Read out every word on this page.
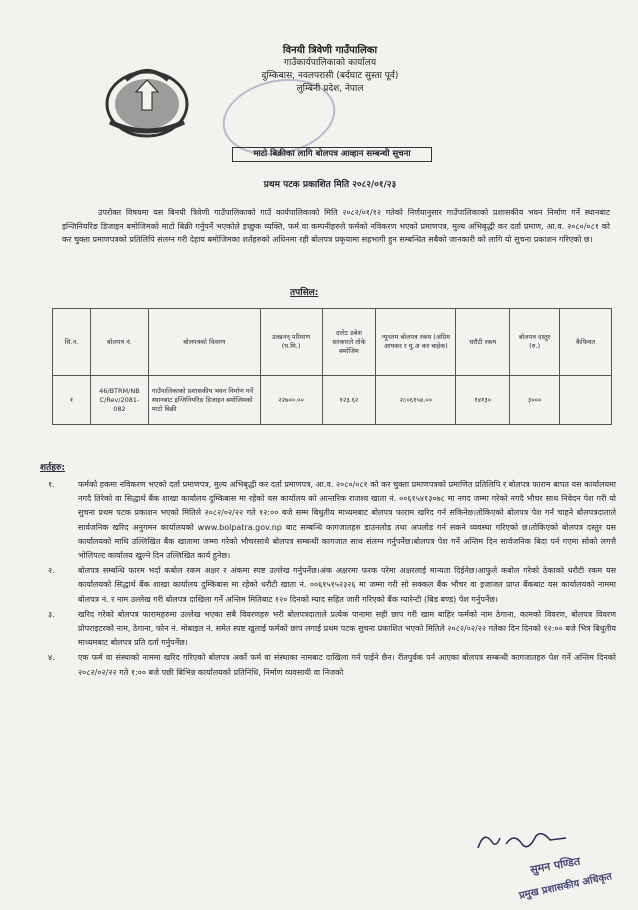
विनयी त्रिवेणी गाउँपालिका
गाउँकार्यपालिकाको कार्यालय
दुम्किबास, नवलपरासी (बर्दघाट सुस्ता पूर्व)
लुम्बिनी प्रदेश, नेपाल
माटो बिक्रीका लागि बोलपत्र आव्हान सम्बन्धी सूचना
प्रथम पटक प्रकाशित मिति २०८२/०१/२३

उपरोक्त विषयमा यस बिनयी त्रिवेणी गाउँपालिकाको गाउँ कार्यपालिकाको मिति २०८२/०१/१२ गतेको निर्णयानुसार गाउँपालिकाको प्रशासकीय भवन निर्माण गर्ने स्थानबाट इन्जिनियरिङ डिजाइन बमोजिमको माटो बिक्री गर्नुपर्ने भएकोले इच्छुक व्यक्ति, फर्म वा कम्पनीहरुले फर्मको नविकरण भएको प्रमाणपत्र, मुल्य अभिबृद्धी कर दर्ता प्रमाण, आ.व. २०८०/०८१ को कर चुक्ता प्रमाणपत्रको प्रतिलिपि संलग्न गरी देहाय बमोजिमका शर्तहरुको अधिनमा रही बोलपत्र प्रकृयामा सहभागी हुन सम्बन्धित सबैको जानकारी को लागि यो सुचना प्रकाशन गरिएको छ।

तपसिल:
सि.न.	बोलपत्र नं.	बोलपत्रको विवरण	उत्खनन् परिमाण (घ.मि.)	दररेट प्रबेश सरकारले तोके बमोजिम	न्यूनतम बोलपत्र रकम (अग्रिम आयकर र मु.अ कर बाहेक)	धरौटी रकम	बोलपत्र दस्तुर (रु.)	कैफियत
१	46/BTRM/NB C/Rev/2081-082	गाउँपालिकाको प्रशासकीय भवन निर्माण गर्ने स्थानबाट इन्जिनियरिङ डिजाइन बमोजिमको माटो बिक्री	२२७००.००	१२३.६२	२८०६१५४.००	१४१३०	३०००	
शर्तहरु:
१.	फर्मको हकमा नविकरण भएको दर्ता प्रमाणपत्र, मुल्य अभिबृद्धी कर दर्ता प्रमाणपत्र, आ.व. २०८०/०८१ को कर चुक्ता प्रमाणपत्रको प्रमाणित प्रतिलिपि र बोलपत्र फाराम बापत यस कार्यालयमा नगदै तिरेको वा सिद्धार्थ बैंक शाखा कार्यालय दुम्किबास मा रहेको यस कार्यालय को आन्तरिक राजश्व खाता नं. ००६१५४१३०७८ मा नगद जम्मा गरेको नगदै भौचर साथ निवेदन पेश गरी यो सुचना प्रथम पटक प्रकाशन भएको मितिले २०८२/०२/२२ गते १२:०० बजे सम्म बिधुतीय माध्यमबाट बोलपत्र फाराम खरिद गर्न सकिनेछ।तोकिएको बोलपत्र पेश गर्न चाहने बोलपत्रदाताले सार्वजनिक खरिद अनुगमन कार्यालयको www.bolpatra.gov.np बाट सम्बन्धि कागजातहरु डाउनलोड तथा अपलोड गर्न सकने व्यवस्था गरिएको छ।तोकिएको बोलपत्र दस्तुर यस कार्यालयको माथि उल्लिखित बैंक खातामा जम्मा गरेको भौचरसाथै बोलपत्र सम्बन्धी कागजात साथ संलग्न गर्नुपर्नेछ।बोलपत्र पेश गर्ने अन्तिम दिन सार्वजनिक बिदा पर्न गएमा सोको लगत्तै भोलिपल्ट कार्यालय खुल्ने दिन उल्लिखित कार्य हुनेछ।
२.	बोलपत्र सम्बन्धि फारम भर्दा कबोल रकम अक्षर र अंकमा स्पष्ट उल्लेख गर्नुपर्नेछ।अंक अक्षरमा फरक परेमा अक्षरलाई मान्यता दिईनेछ।आफुले कबोल गरेको ठेकाको धरौटी रकम यस कार्यालयको सिद्धार्थ बैंक शाखा कार्यालय दुम्किबास मा रहेको धरौटी खाता नं. ००६१५१५२३२६ मा जम्मा गरी सो सक्कल बैंक भौचर वा इजाजत प्राप्त बैंकबाट यस कार्यालयको नाममा बोलपत्र नं. र नाम उल्लेख गरी बोलपत्र दाखिला गर्ने अन्तिम मितिबाट १२० दिनको म्याद सहित जारी गरिएको बैंक ग्यारेन्टी (बिड बण्ड) पेश गर्नुपर्नेछ।
३.	खरिद गरेको बोलपत्र फारामहरुमा उल्लेख भएका सबै विवरणहरु भरी बोलपत्रदाताले प्रत्येक पानामा सही छाप गरी खाम बाहिर फर्मको नाम ठेगाना, कामको विवरण, बोलपत्र विवरण प्रोपराइटरको नाम, ठेगाना, फोन नं. मोबाइल नं. समेत स्पष्ट खुलाई फर्मको छाप लगाई प्रथम पटक सुचना प्रकाशित भएको मितिले २०८२/०२/२२ गतेका दिन दिनको १२:०० बजे भित्र बिधुतीय माध्यमबाट बोलपत्र प्रति दर्ता गर्नुपर्नेछ।
४.	एक फर्म वा संस्थाको नाममा खरिद गरिएको बोलपत्र अर्को फर्म वा संस्थाका नामबाट दाखिला गर्न पाईने छैन। रीतपुर्वक पर्न आएका बोलपत्र सम्बन्धी कागजातहरु पेश गर्ने अन्तिम दिनको २०८२/०२/२२ गते १:०० बजे पछी बिभिन्न कार्यालयको प्रतिनिधि, निर्माण व्यवसायी वा निजको
सुमन पण्डित
प्रमुख प्रशासकीय अधिकृत
